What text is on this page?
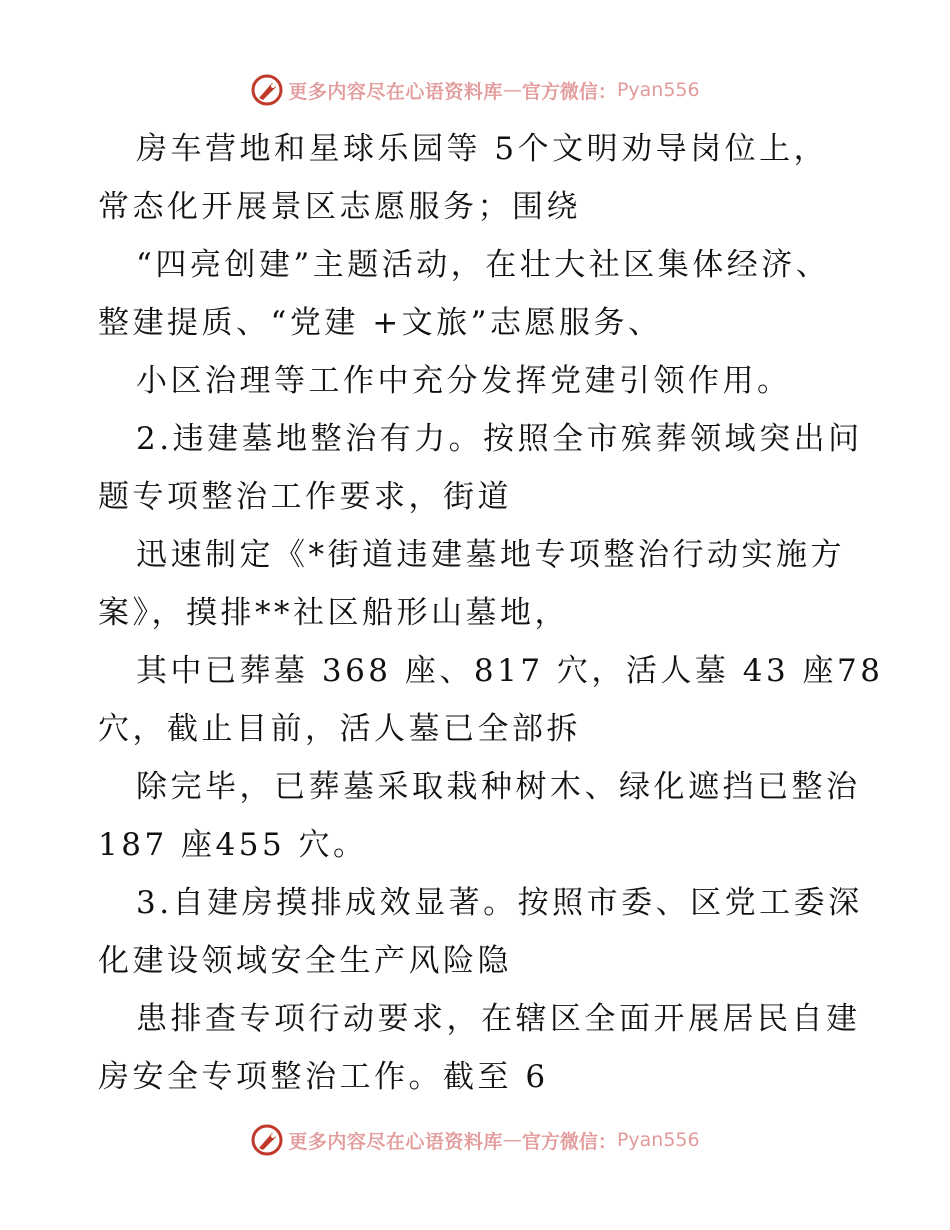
更多内容尽在心语资料库 — 官方微信： Pyan556
房车营地和星球乐园等 5个文明劝导岗位上，
常态化开展景区志愿服务；围绕
“四亮创建”主题活动，在壮大社区集体经济、
整建提质、“党建 +文旅”志愿服务、
小区治理等工作中充分发挥党建引领作用。
2.违建墓地整治有力。按照全市殡葬领域突出问
题专项整治工作要求，街道
迅速制定《*街道违建墓地专项整治行动实施方
案》，摸排**社区船形山墓地，
其中已葬墓 368 座、817 穴，活人墓 43 座78
穴，截止目前，活人墓已全部拆
除完毕，已葬墓采取栽种树木、绿化遮挡已整治
187 座455 穴。
3.自建房摸排成效显著。按照市委、区党工委深
化建设领域安全生产风险隐
患排查专项行动要求，在辖区全面开展居民自建
房安全专项整治工作。截至 6
更多内容尽在心语资料库 — 官方微信： Pyan556
